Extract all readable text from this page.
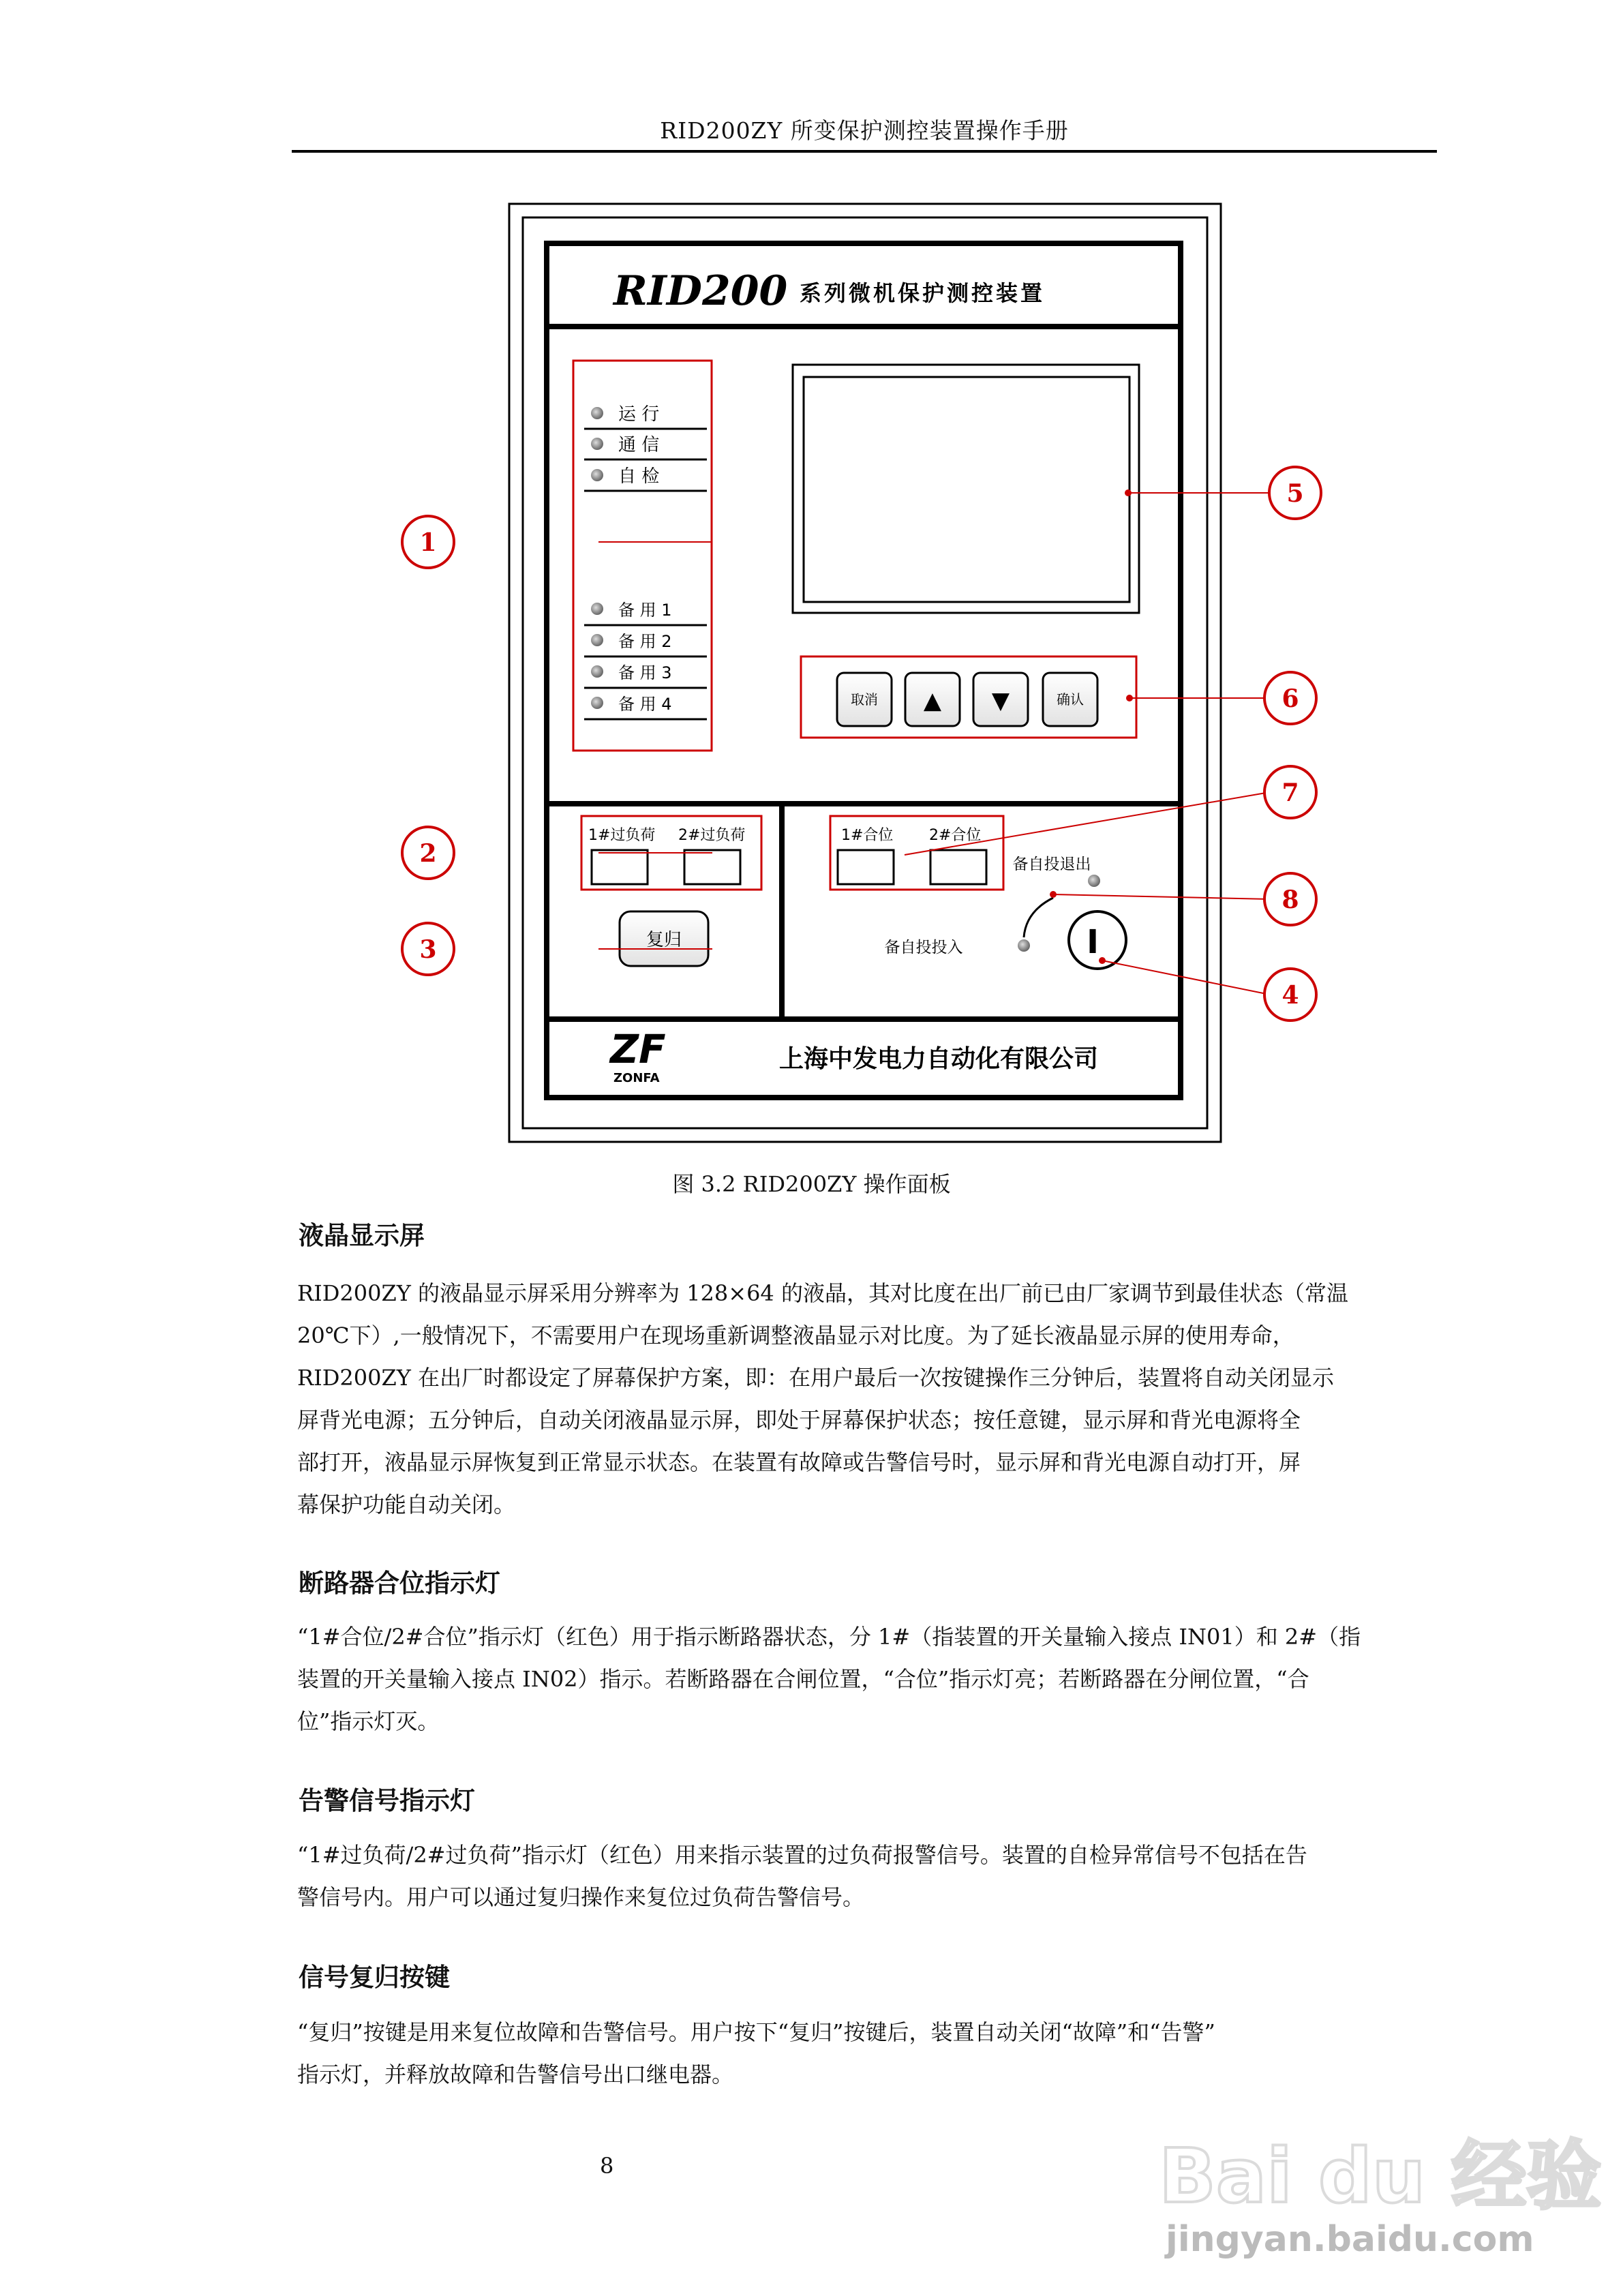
RID200ZY 所变保护测控装置操作手册
RID200 系列微机保护测控装置
运 行
通 信
自 检
备 用 1
备 用 2
备 用 3
备 用 4	取消 ▲ ▼	确认
1#过负荷 2#过负荷
复归
1#合位 2#合位
备自投退出
备自投投入	I
ZF
ZONFA
上海中发电力自动化有限公司
1
2
3
4
5
6
7
8
图 3.2 RID200ZY 操作面板
液晶显示屏
RID200ZY 的液晶显示屏采用分辨率为 128×64 的液晶，其对比度在出厂前已由厂家调节到最佳状态（常温
20℃下）,一般情况下，不需要用户在现场重新调整液晶显示对比度。为了延长液晶显示屏的使用寿命，
RID200ZY 在出厂时都设定了屏幕保护方案，即：在用户最后一次按键操作三分钟后，装置将自动关闭显示
屏背光电源；五分钟后，自动关闭液晶显示屏，即处于屏幕保护状态；按任意键，显示屏和背光电源将全
部打开，液晶显示屏恢复到正常显示状态。在装置有故障或告警信号时，显示屏和背光电源自动打开，屏
幕保护功能自动关闭。
断路器合位指示灯
“1#合位/2#合位”指示灯（红色）用于指示断路器状态，分 1#（指装置的开关量输入接点 IN01）和 2#（指
装置的开关量输入接点 IN02）指示。若断路器在合闸位置，“合位”指示灯亮；若断路器在分闸位置，“合
位”指示灯灭。
告警信号指示灯
“1#过负荷/2#过负荷”指示灯（红色）用来指示装置的过负荷报警信号。装置的自检异常信号不包括在告
警信号内。用户可以通过复归操作来复位过负荷告警信号。
信号复归按键
“复归”按键是用来复位故障和告警信号。用户按下“复归”按键后，装置自动关闭“故障”和“告警”
指示灯，并释放故障和告警信号出口继电器。
8	Bai du 经验
jingyan.baidu.com
